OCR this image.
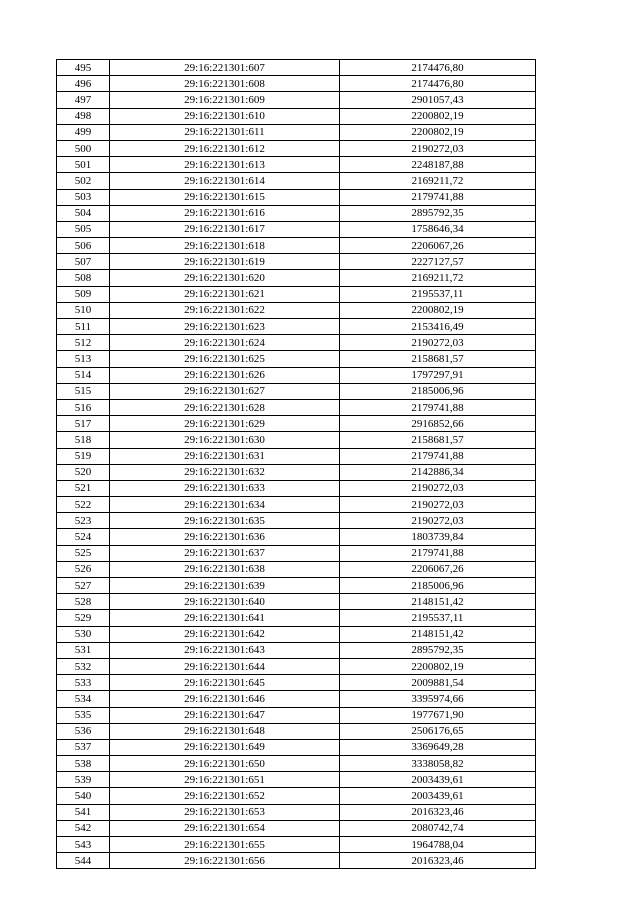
495	29:16:221301:607	2174476,80
496	29:16:221301:608	2174476,80
497	29:16:221301:609	2901057,43
498	29:16:221301:610	2200802,19
499	29:16:221301:611	2200802,19
500	29:16:221301:612	2190272,03
501	29:16:221301:613	2248187,88
502	29:16:221301:614	2169211,72
503	29:16:221301:615	2179741,88
504	29:16:221301:616	2895792,35
505	29:16:221301:617	1758646,34
506	29:16:221301:618	2206067,26
507	29:16:221301:619	2227127,57
508	29:16:221301:620	2169211,72
509	29:16:221301:621	2195537,11
510	29:16:221301:622	2200802,19
511	29:16:221301:623	2153416,49
512	29:16:221301:624	2190272,03
513	29:16:221301:625	2158681,57
514	29:16:221301:626	1797297,91
515	29:16:221301:627	2185006,96
516	29:16:221301:628	2179741,88
517	29:16:221301:629	2916852,66
518	29:16:221301:630	2158681,57
519	29:16:221301:631	2179741,88
520	29:16:221301:632	2142886,34
521	29:16:221301:633	2190272,03
522	29:16:221301:634	2190272,03
523	29:16:221301:635	2190272,03
524	29:16:221301:636	1803739,84
525	29:16:221301:637	2179741,88
526	29:16:221301:638	2206067,26
527	29:16:221301:639	2185006,96
528	29:16:221301:640	2148151,42
529	29:16:221301:641	2195537,11
530	29:16:221301:642	2148151,42
531	29:16:221301:643	2895792,35
532	29:16:221301:644	2200802,19
533	29:16:221301:645	2009881,54
534	29:16:221301:646	3395974,66
535	29:16:221301:647	1977671,90
536	29:16:221301:648	2506176,65
537	29:16:221301:649	3369649,28
538	29:16:221301:650	3338058,82
539	29:16:221301:651	2003439,61
540	29:16:221301:652	2003439,61
541	29:16:221301:653	2016323,46
542	29:16:221301:654	2080742,74
543	29:16:221301:655	1964788,04
544	29:16:221301:656	2016323,46
